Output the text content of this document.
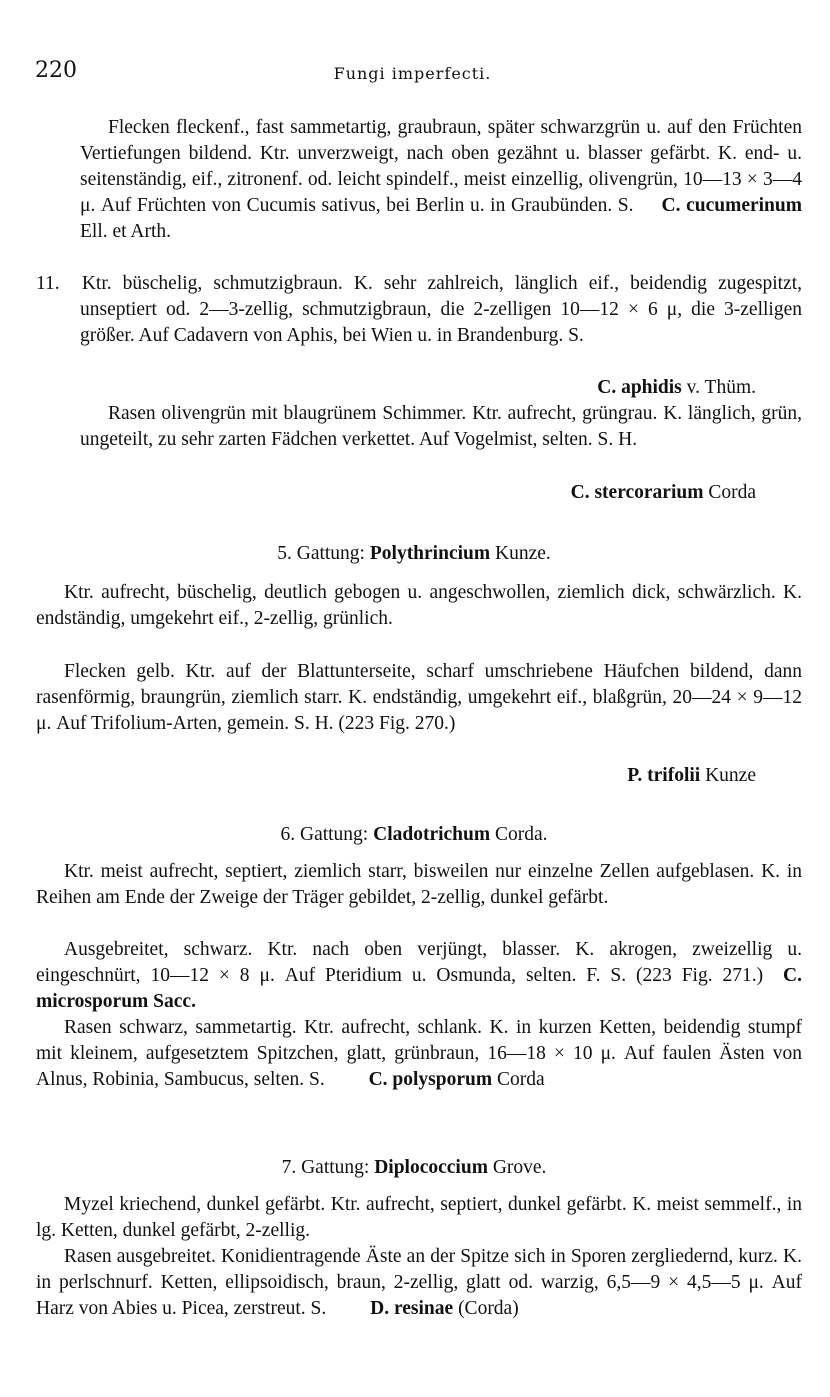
220	Fungi imperfecti.

Flecken fleckenf., fast sammetartig, graubraun, später schwarzgrün u. auf den Früchten Vertiefungen bildend. Ktr. unverzweigt, nach oben gezähnt u. blasser gefärbt. K. end- u. seitenständig, eif., zitronenf. od. leicht spindelf., meist einzellig, olivengrün, 10—13 × 3—4 μ. Auf Früchten von Cucumis sativus, bei Berlin u. in Graubünden. S. C. cucumerinum Ell. et Arth.

11. Ktr. büschelig, schmutzigbraun. K. sehr zahlreich, länglich eif., beidendig zugespitzt, unseptiert od. 2—3-zellig, schmutzigbraun, die 2-zelligen 10—12 × 6 μ, die 3-zelligen größer. Auf Cadavern von Aphis, bei Wien u. in Brandenburg. S.

C. aphidis v. Thüm.

Rasen olivengrün mit blaugrünem Schimmer. Ktr. aufrecht, grüngrau. K. länglich, grün, ungeteilt, zu sehr zarten Fädchen verkettet. Auf Vogelmist, selten. S. H.

C. stercorarium Corda

5. Gattung: Polythrincium Kunze.

Ktr. aufrecht, büschelig, deutlich gebogen u. angeschwollen, ziemlich dick, schwärzlich. K. endständig, umgekehrt eif., 2-zellig, grünlich.

Flecken gelb. Ktr. auf der Blattunterseite, scharf umschriebene Häufchen bildend, dann rasenförmig, braungrün, ziemlich starr. K. endständig, umgekehrt eif., blaßgrün, 20—24 × 9—12 μ. Auf Trifolium-Arten, gemein. S. H. (223 Fig. 270.)

P. trifolii Kunze

6. Gattung: Cladotrichum Corda.

Ktr. meist aufrecht, septiert, ziemlich starr, bisweilen nur einzelne Zellen aufgeblasen. K. in Reihen am Ende der Zweige der Träger gebildet, 2-zellig, dunkel gefärbt.

Ausgebreitet, schwarz. Ktr. nach oben verjüngt, blasser. K. akrogen, zweizellig u. eingeschnürt, 10—12 × 8 μ. Auf Pteridium u. Osmunda, selten. F. S. (223 Fig. 271.) C. microsporum Sacc.

Rasen schwarz, sammetartig. Ktr. aufrecht, schlank. K. in kurzen Ketten, beidendig stumpf mit kleinem, aufgesetztem Spitzchen, glatt, grünbraun, 16—18 × 10 μ. Auf faulen Ästen von Alnus, Robinia, Sambucus, selten. S. C. polysporum Corda

7. Gattung: Diplococcium Grove.

Myzel kriechend, dunkel gefärbt. Ktr. aufrecht, septiert, dunkel gefärbt. K. meist semmelf., in lg. Ketten, dunkel gefärbt, 2-zellig.

Rasen ausgebreitet. Konidientragende Äste an der Spitze sich in Sporen zergliedernd, kurz. K. in perlschnurf. Ketten, ellipsoidisch, braun, 2-zellig, glatt od. warzig, 6,5—9 × 4,5—5 μ. Auf Harz von Abies u. Picea, zerstreut. S. D. resinae (Corda)
